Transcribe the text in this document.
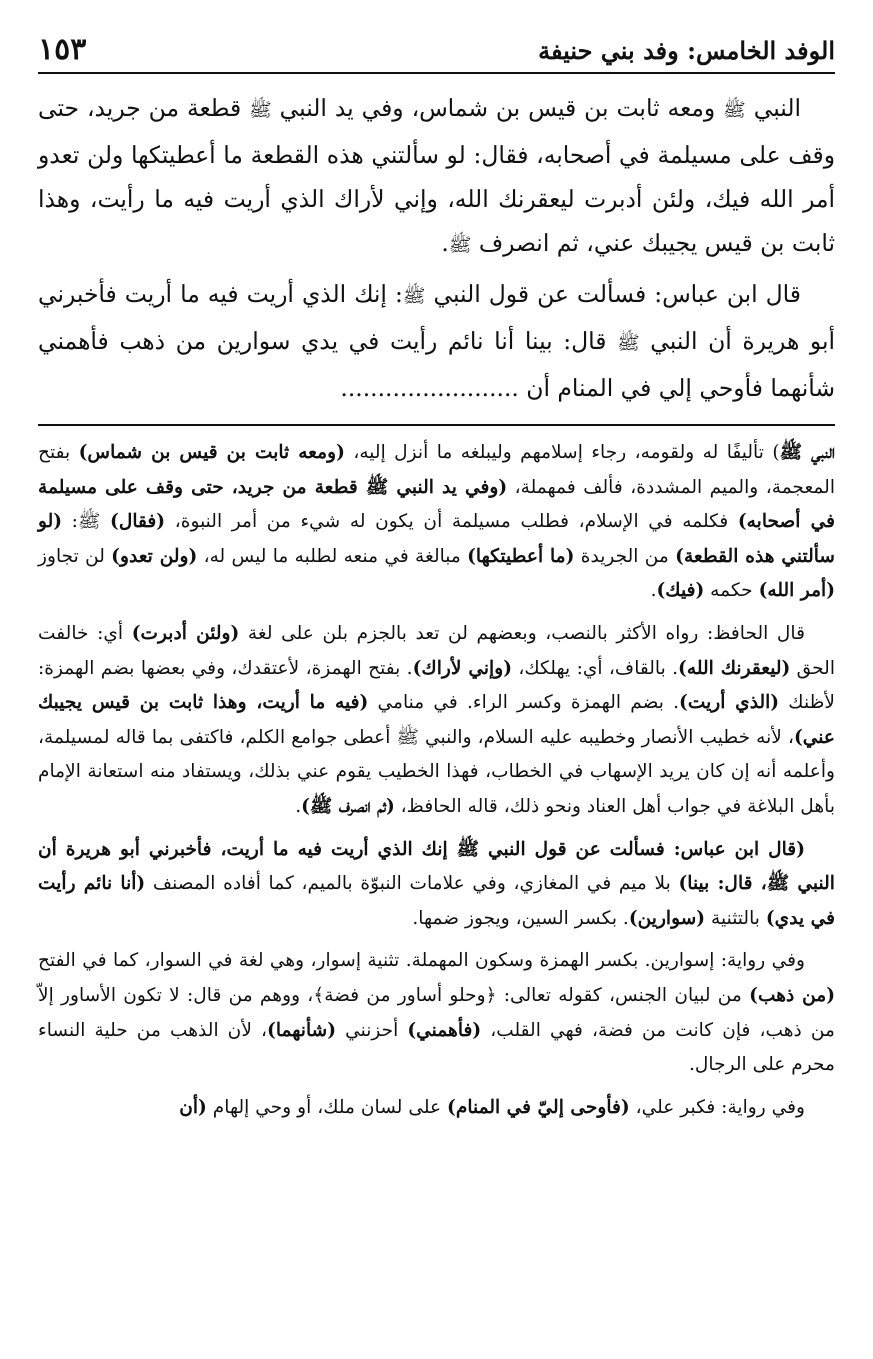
الوفد الخامس: وفد بني حنيفة
١٥٣

النبي ﷺ ومعه ثابت بن قيس بن شماس، وفي يد النبي ﷺ قطعة من جريد، حتى وقف على مسيلمة في أصحابه، فقال: لو سألتني هذه القطعة ما أعطيتكها ولن تعدو أمر الله فيك، ولئن أدبرت ليعقرنك الله، وإني لأراك الذي أريت فيه ما رأيت، وهذا ثابت بن قيس يجيبك عني، ثم انصرف ﷺ.

قال ابن عباس: فسألت عن قول النبي ﷺ: إنك الذي أريت فيه ما أريت فأخبرني أبو هريرة أن النبي ﷺ قال: بينا أنا نائم رأيت في يدي سوارين من ذهب فأهمني شأنهما فأوحي إلي في المنام أن ........................

النبي ﷺ) تأليفًا له ولقومه، رجاء إسلامهم وليبلغه ما أنزل إليه، (ومعه ثابت بن قيس بن شماس) بفتح المعجمة، والميم المشددة، فألف فمهملة، (وفي يد النبي ﷺ قطعة من جريد، حتى وقف على مسيلمة في أصحابه) فكلمه في الإسلام، فطلب مسيلمة أن يكون له شيء من أمر النبوة، (فقال) ﷺ: (لو سألتني هذه القطعة) من الجريدة (ما أعطيتكها) مبالغة في منعه لطلبه ما ليس له، (ولن تعدو) لن تجاوز (أمر الله) حكمه (فيك).

قال الحافظ: رواه الأكثر بالنصب، وبعضهم لن تعد بالجزم بلن على لغة (ولئن أدبرت) أي: خالفت الحق (ليعقرنك الله). بالقاف، أي: يهلكك، (وإني لأراك). بفتح الهمزة، لأعتقدك، وفي بعضها بضم الهمزة: لأظنك (الذي أريت). بضم الهمزة وكسر الراء. في منامي (فيه ما أريت، وهذا ثابت بن قيس يجيبك عني)، لأنه خطيب الأنصار وخطيبه عليه السلام، والنبي ﷺ أعطى جوامع الكلم، فاكتفى بما قاله لمسيلمة، وأعلمه أنه إن كان يريد الإسهاب في الخطاب، فهذا الخطيب يقوم عني بذلك، ويستفاد منه استعانة الإمام بأهل البلاغة في جواب أهل العناد ونحو ذلك، قاله الحافظ، (ثم انصرف ﷺ).

(قال ابن عباس: فسألت عن قول النبي ﷺ إنك الذي أريت فيه ما أريت، فأخبرني أبو هريرة أن النبي ﷺ، قال: بينا) بلا ميم في المغازي، وفي علامات النبوّة بالميم، كما أفاده المصنف (أنا نائم رأيت في يدي) بالتثنية (سوارين). بكسر السين، ويجوز ضمها.

وفي رواية: إسوارين. بكسر الهمزة وسكون المهملة. تثنية إسوار، وهي لغة في السوار، كما في الفتح (من ذهب) من لبيان الجنس، كقوله تعالى: ﴿وحلو أساور من فضة﴾، ووهم من قال: لا تكون الأساور إلاّ من ذهب، فإن كانت من فضة، فهي القلب، (فأهمني) أحزنني (شأنهما)، لأن الذهب من حلية النساء محرم على الرجال.

وفي رواية: فكبر علي، (فأوحى إليّ في المنام) على لسان ملك، أو وحي إلهام (أن
